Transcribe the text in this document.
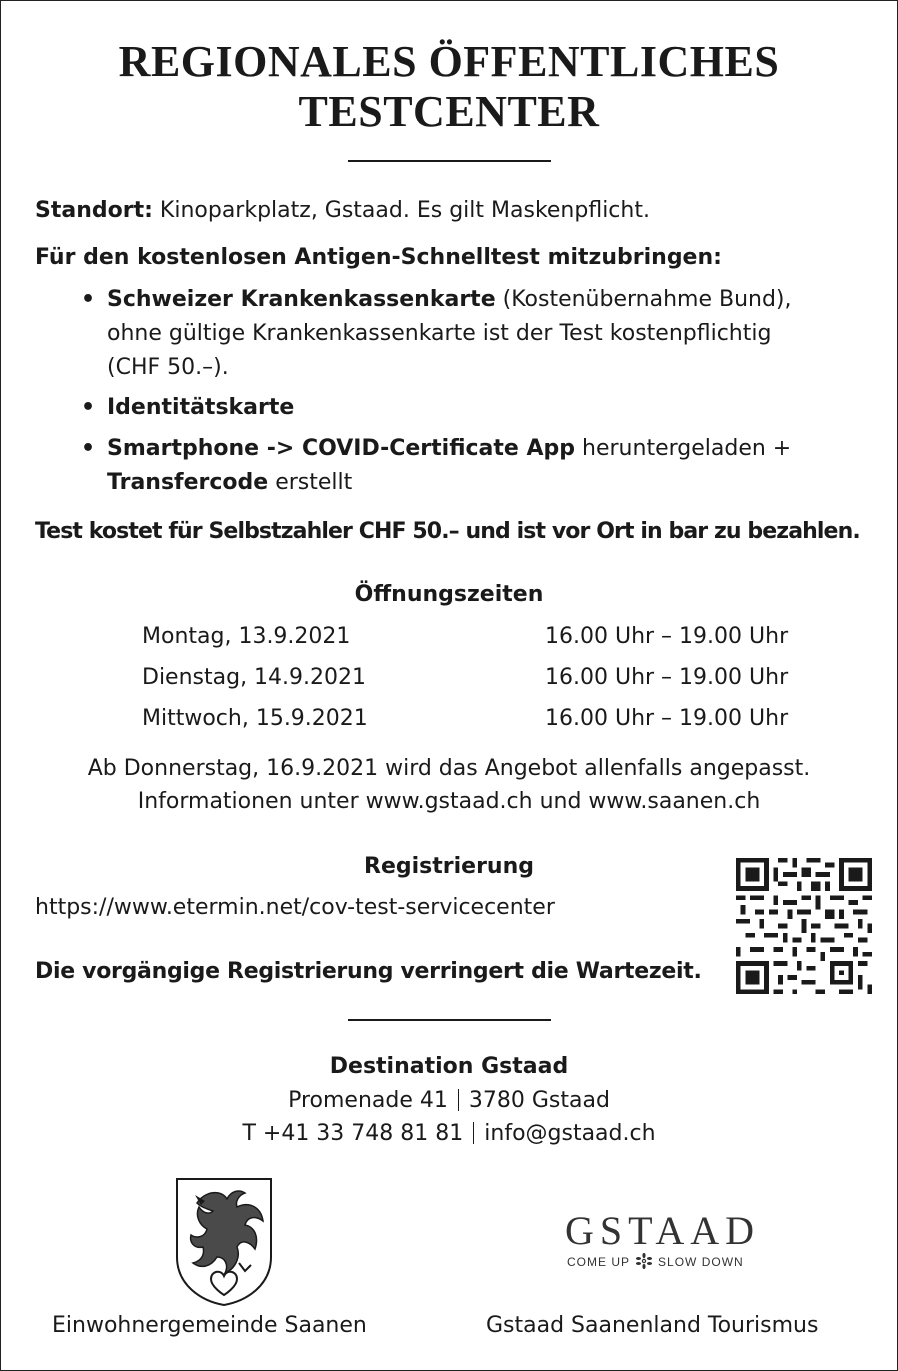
REGIONALES ÖFFENTLICHES
TESTCENTER
Standort: Kinoparkplatz, Gstaad. Es gilt Maskenpflicht.
Für den kostenlosen Antigen-Schnelltest mitzubringen:
• Schweizer Krankenkassenkarte (Kostenübernahme Bund),
ohne gültige Krankenkassenkarte ist der Test kostenpflichtig
(CHF 50.–).
• Identitätskarte
• Smartphone -> COVID-Certificate App heruntergeladen +
Transfercode erstellt
Test kostet für Selbstzahler CHF 50.– und ist vor Ort in bar zu bezahlen.
Öffnungszeiten
Montag, 13.9.2021	16.00 Uhr – 19.00 Uhr
Dienstag, 14.9.2021	16.00 Uhr – 19.00 Uhr
Mittwoch, 15.9.2021	16.00 Uhr – 19.00 Uhr
Ab Donnerstag, 16.9.2021 wird das Angebot allenfalls angepasst.
Informationen unter www.gstaad.ch und www.saanen.ch
Registrierung
https://www.etermin.net/cov-test-servicecenter
Die vorgängige Registrierung verringert die Wartezeit.
Destination Gstaad
Promenade 41 3780 Gstaad
T +41 33 748 81 81 info@gstaad.ch
GSTAAD
COME UP SLOW DOWN
Einwohnergemeinde Saanen	Gstaad Saanenland Tourismus
